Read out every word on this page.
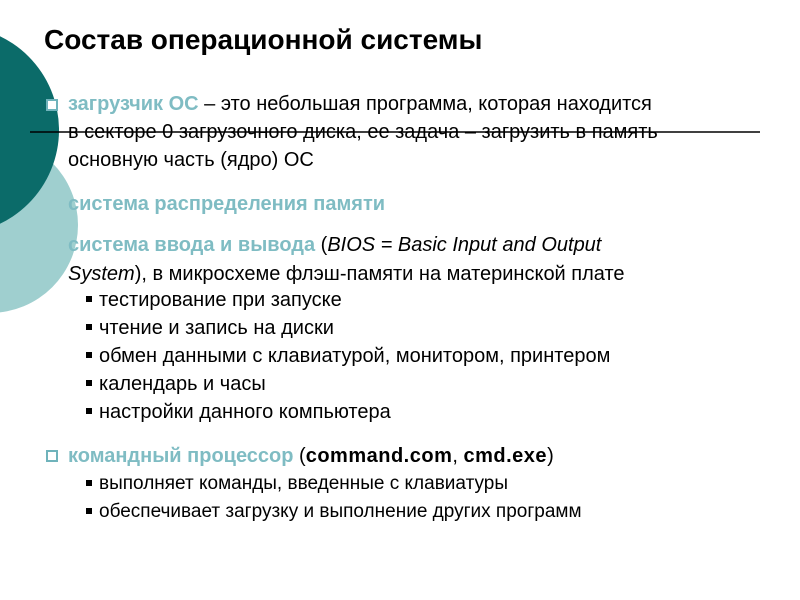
Состав операционной системы
загрузчик ОС – это небольшая программа, которая находится
в секторе 0 загрузочного диска, ее задача – загрузить в память
основную часть (ядро) ОС
система распределения памяти
система ввода и вывода (BIOS = Basic Input and Output
System), в микросхеме флэш-памяти на материнской плате
тестирование при запуске
чтение и запись на диски
обмен данными с клавиатурой, монитором, принтером
календарь и часы
настройки данного компьютера
командный процессор (command.com, cmd.exe)
выполняет команды, введенные с клавиатуры
обеспечивает загрузку и выполнение других программ
